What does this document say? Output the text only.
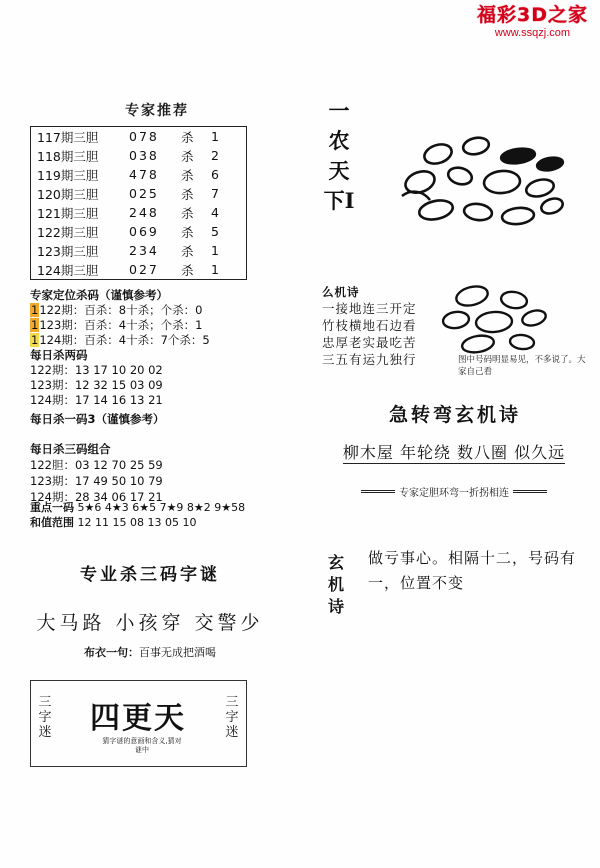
福彩3D之家
www.ssqzj.com
专家推荐
117期三胆	078	杀	1
118期三胆	038	杀	2
119期三胆	478	杀	6
120期三胆	025	杀	7
121期三胆	248	杀	4
122期三胆	069	杀	5
123期三胆	234	杀	1
124期三胆	027	杀	1
专家定位杀码（谨慎参考）
1122期：百杀：8十杀；个杀：0
1123期：百杀：4十杀；个杀：1
1124期：百杀：4十杀：7个杀：5
每日杀两码
122期：13 17 10 20 02
123期：12 32 15 03 09
124期：17 14 16 13 21
每日杀一码3（谨慎参考）
每日杀三码组合
122胆：03 12 70 25 59
123期：17 49 50 10 79
124期：28 34 06 17 21
重点一码 5★6 4★3 6★5 7★9 8★2 9★58
和值范围 12 11 15 08 13 05 10
专业杀三码字谜
大马路 小孩穿 交警少
布衣一句：百事无成把酒喝
三字迷 四更天
猜字谜的意画和含义,猜对谜中
三字迷
一农天下I
么机诗
一接地连三开定
竹枝横地石边看
忠厚老实最吃苦
三五有运九独行	图中号码明显易见，不多说了。大家自己看
急转弯玄机诗
柳木屋 年轮绕 数八圈 似久远
专家定胆环弯一折拐相连
玄机诗
做亏事心。相隔十二，号码有一，位置不变
